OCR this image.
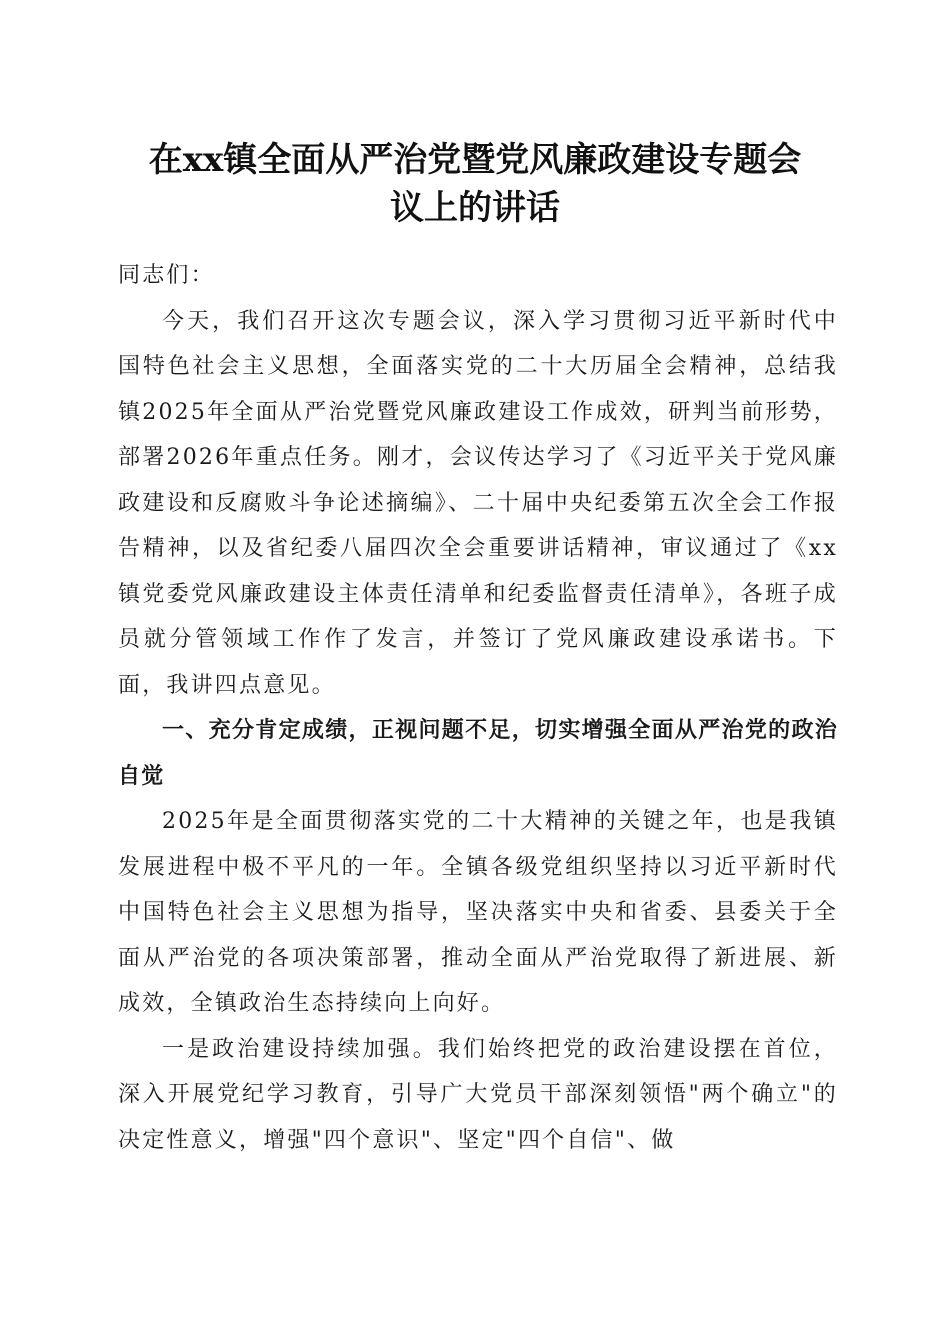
在xx镇全面从严治党暨党风廉政建设专题会
议上的讲话

同志们：

今天，我们召开这次专题会议，深入学习贯彻习近平新时代中国特色社会主义思想，全面落实党的二十大历届全会精神，总结我镇2025年全面从严治党暨党风廉政建设工作成效，研判当前形势，部署2026年重点任务。刚才，会议传达学习了《习近平关于党风廉政建设和反腐败斗争论述摘编》、二十届中央纪委第五次全会工作报告精神，以及省纪委八届四次全会重要讲话精神，审议通过了《xx镇党委党风廉政建设主体责任清单和纪委监督责任清单》，各班子成员就分管领域工作作了发言，并签订了党风廉政建设承诺书。下面，我讲四点意见。

一、充分肯定成绩，正视问题不足，切实增强全面从严治党的政治自觉

2025年是全面贯彻落实党的二十大精神的关键之年，也是我镇发展进程中极不平凡的一年。全镇各级党组织坚持以习近平新时代中国特色社会主义思想为指导，坚决落实中央和省委、县委关于全面从严治党的各项决策部署，推动全面从严治党取得了新进展、新成效，全镇政治生态持续向上向好。

一是政治建设持续加强。我们始终把党的政治建设摆在首位，深入开展党纪学习教育，引导广大党员干部深刻领悟"两个确立"的决定性意义，增强"四个意识"、坚定"四个自信"、做
